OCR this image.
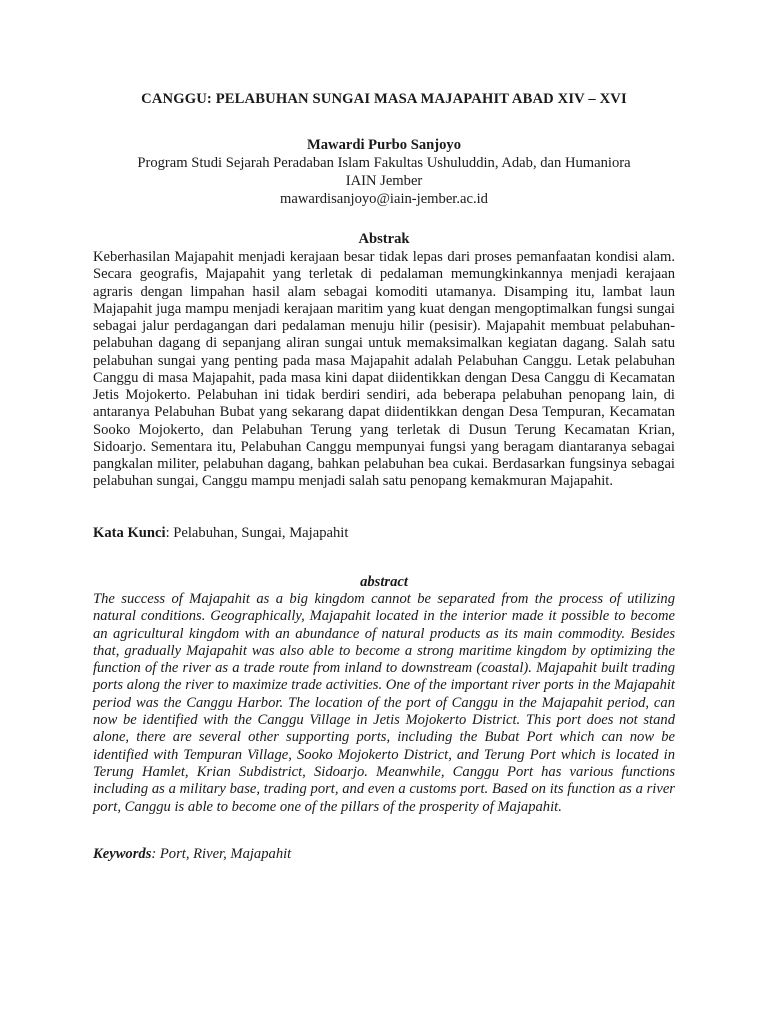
CANGGU: PELABUHAN SUNGAI MASA MAJAPAHIT ABAD XIV – XVI
Mawardi Purbo Sanjoyo
Program Studi Sejarah Peradaban Islam Fakultas Ushuluddin, Adab, dan Humaniora
IAIN Jember
mawardisanjoyo@iain-jember.ac.id
Abstrak
Keberhasilan Majapahit menjadi kerajaan besar tidak lepas dari proses pemanfaatan kondisi alam. Secara geografis, Majapahit yang terletak di pedalaman memungkinkannya menjadi kerajaan agraris dengan limpahan hasil alam sebagai komoditi utamanya. Disamping itu, lambat laun Majapahit juga mampu menjadi kerajaan maritim yang kuat dengan mengoptimalkan fungsi sungai sebagai jalur perdagangan dari pedalaman menuju hilir (pesisir). Majapahit membuat pelabuhan-pelabuhan dagang di sepanjang aliran sungai untuk memaksimalkan kegiatan dagang. Salah satu pelabuhan sungai yang penting pada masa Majapahit adalah Pelabuhan Canggu. Letak pelabuhan Canggu di masa Majapahit, pada masa kini dapat diidentikkan dengan Desa Canggu di Kecamatan Jetis Mojokerto. Pelabuhan ini tidak berdiri sendiri, ada beberapa pelabuhan penopang lain, di antaranya Pelabuhan Bubat yang sekarang dapat diidentikkan dengan Desa Tempuran, Kecamatan Sooko Mojokerto, dan Pelabuhan Terung yang terletak di Dusun Terung Kecamatan Krian, Sidoarjo. Sementara itu, Pelabuhan Canggu mempunyai fungsi yang beragam diantaranya sebagai pangkalan militer, pelabuhan dagang, bahkan pelabuhan bea cukai. Berdasarkan fungsinya sebagai pelabuhan sungai, Canggu mampu menjadi salah satu penopang kemakmuran Majapahit.
Kata Kunci: Pelabuhan, Sungai, Majapahit
abstract
The success of Majapahit as a big kingdom cannot be separated from the process of utilizing natural conditions. Geographically, Majapahit located in the interior made it possible to become an agricultural kingdom with an abundance of natural products as its main commodity. Besides that, gradually Majapahit was also able to become a strong maritime kingdom by optimizing the function of the river as a trade route from inland to downstream (coastal). Majapahit built trading ports along the river to maximize trade activities. One of the important river ports in the Majapahit period was the Canggu Harbor. The location of the port of Canggu in the Majapahit period, can now be identified with the Canggu Village in Jetis Mojokerto District. This port does not stand alone, there are several other supporting ports, including the Bubat Port which can now be identified with Tempuran Village, Sooko Mojokerto District, and Terung Port which is located in Terung Hamlet, Krian Subdistrict, Sidoarjo. Meanwhile, Canggu Port has various functions including as a military base, trading port, and even a customs port. Based on its function as a river port, Canggu is able to become one of the pillars of the prosperity of Majapahit.
Keywords: Port, River, Majapahit
